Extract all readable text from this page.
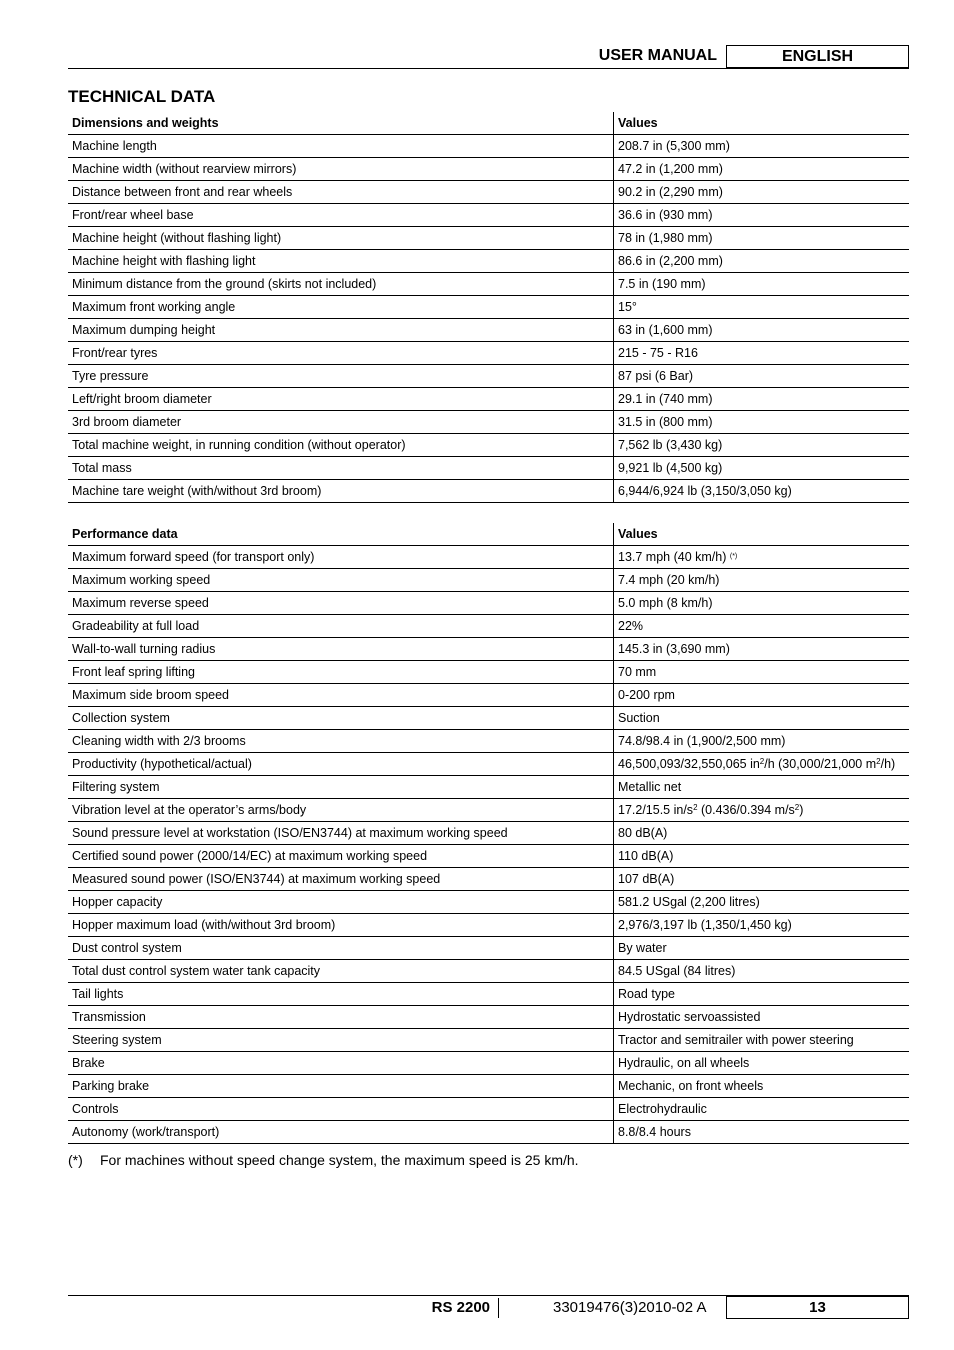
USER MANUAL	ENGLISH
TECHNICAL DATA
Dimensions and weights	Values
Machine length	208.7 in (5,300 mm)
Machine width (without rearview mirrors)	47.2 in (1,200 mm)
Distance between front and rear wheels	90.2 in (2,290 mm)
Front/rear wheel base	36.6 in (930 mm)
Machine height (without flashing light)	78 in (1,980 mm)
Machine height with flashing light	86.6 in (2,200 mm)
Minimum distance from the ground (skirts not included)	7.5 in (190 mm)
Maximum front working angle	15°
Maximum dumping height	63 in (1,600 mm)
Front/rear tyres	215 - 75 - R16
Tyre pressure	87 psi (6 Bar)
Left/right broom diameter	29.1 in (740 mm)
3rd broom diameter	31.5 in (800 mm)
Total machine weight, in running condition (without operator)	7,562 lb (3,430 kg)
Total mass	9,921 lb (4,500 kg)
Machine tare weight (with/without 3rd broom)	6,944/6,924 lb (3,150/3,050 kg)
Performance data	Values
Maximum forward speed (for transport only)	13.7 mph (40 km/h) (*)
Maximum working speed	7.4 mph (20 km/h)
Maximum reverse speed	5.0 mph (8 km/h)
Gradeability at full load	22%
Wall-to-wall turning radius	145.3 in (3,690 mm)
Front leaf spring lifting	70 mm
Maximum side broom speed	0-200 rpm
Collection system	Suction
Cleaning width with 2/3 brooms	74.8/98.4 in (1,900/2,500 mm)
Productivity (hypothetical/actual)	46,500,093/32,550,065 $in^2/h$ (30,000/21,000 $m^2/h$)
Filtering system	Metallic net
Vibration level at the operator’s arms/body	17.2/15.5 $in/s^2$ (0.436/0.394 $m/s^2$)
Sound pressure level at workstation (ISO/EN3744) at maximum working speed	80 dB(A)
Certified sound power (2000/14/EC) at maximum working speed	110 dB(A)
Measured sound power (ISO/EN3744) at maximum working speed	107 dB(A)
Hopper capacity	581.2 USgal (2,200 litres)
Hopper maximum load (with/without 3rd broom)	2,976/3,197 lb (1,350/1,450 kg)
Dust control system	By water
Total dust control system water tank capacity	84.5 USgal (84 litres)
Tail lights	Road type
Transmission	Hydrostatic servoassisted
Steering system	Tractor and semitrailer with power steering
Brake	Hydraulic, on all wheels
Parking brake	Mechanic, on front wheels
Controls	Electrohydraulic
Autonomy (work/transport)	8.8/8.4 hours
(*) For machines without speed change system, the maximum speed is 25 km/h.
RS 2200	33019476(3)2010-02 A	13
